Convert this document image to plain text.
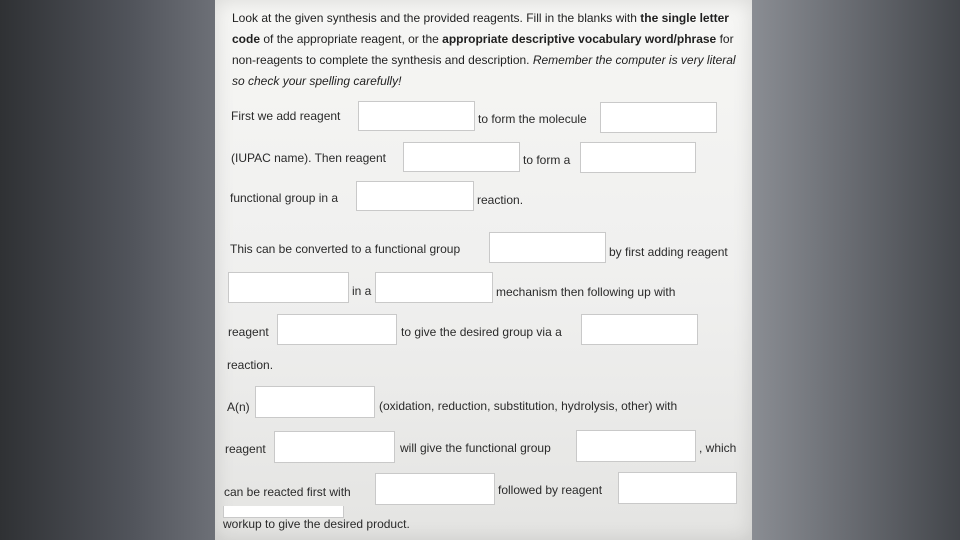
Look at the given synthesis and the provided reagents. Fill in the blanks with the single letter code of the appropriate reagent, or the appropriate descriptive vocabulary word/phrase for non-reagents to complete the synthesis and description. Remember the computer is very literal so check your spelling carefully!
First we add reagent	to form the molecule
(IUPAC name). Then reagent	to form a
functional group in a	reaction.
This can be converted to a functional group	by first adding reagent
in a	mechanism then following up with
reagent	to give the desired group via a
reaction.
A(n)	(oxidation, reduction, substitution, hydrolysis, other) with
reagent	will give the functional group	, which
can be reacted first with	followed by reagent
workup to give the desired product.
